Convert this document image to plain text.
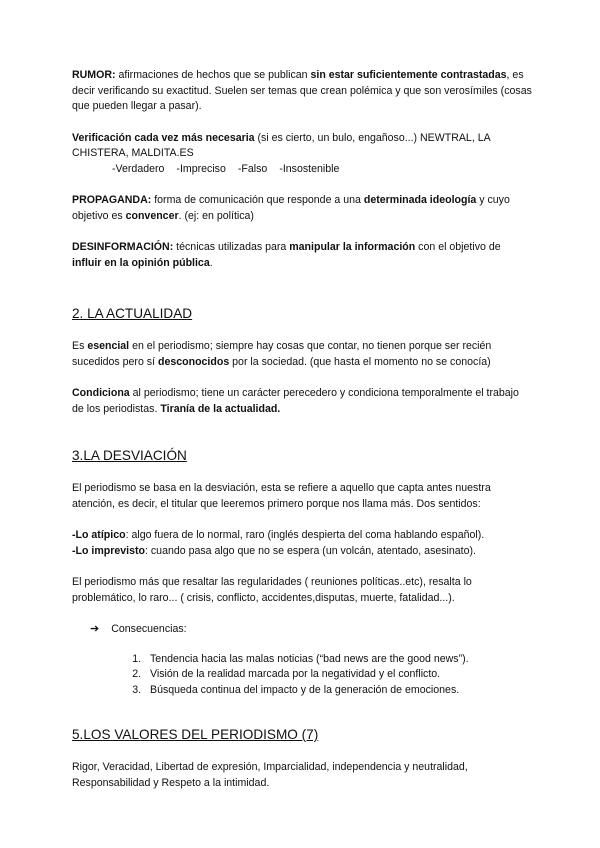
RUMOR: afirmaciones de hechos que se publican sin estar suficientemente contrastadas, es decir verificando su exactitud. Suelen ser temas que crean polémica y que son verosímiles (cosas que pueden llegar a pasar).

Verificación cada vez más necesaria (si es cierto, un bulo, engañoso...) NEWTRAL, LA CHISTERA, MALDITA.ES

-Verdadero -Impreciso -Falso -Insostenible

PROPAGANDA: forma de comunicación que responde a una determinada ideología y cuyo objetivo es convencer. (ej: en política)

DESINFORMACIÓN: técnicas utilizadas para manipular la información con el objetivo de influir en la opinión pública.

2. LA ACTUALIDAD

Es esencial en el periodismo; siempre hay cosas que contar, no tienen porque ser recién sucedidos pero sí desconocidos por la sociedad. (que hasta el momento no se conocía)

Condiciona al periodismo; tiene un carácter perecedero y condiciona temporalmente el trabajo de los periodistas. Tiranía de la actualidad.

3.LA DESVIACIÓN

El periodismo se basa en la desviación, esta se refiere a aquello que capta antes nuestra atención, es decir, el titular que leeremos primero porque nos llama más. Dos sentidos:

-Lo atípico: algo fuera de lo normal, raro (inglés despierta del coma hablando español).

-Lo imprevisto: cuando pasa algo que no se espera (un volcán, atentado, asesinato).

El periodismo más que resaltar las regularidades ( reuniones políticas..etc), resalta lo problemático, lo raro... ( crisis, conflicto, accidentes,disputas, muerte, fatalidad...).

➔ Consecuencias:

1. Tendencia hacia las malas noticias (“bad news are the good news”).
2. Visión de la realidad marcada por la negatividad y el conflicto.
3. Búsqueda continua del impacto y de la generación de emociones.
5.LOS VALORES DEL PERIODISMO (7)

Rigor, Veracidad, Libertad de expresión, Imparcialidad, independencia y neutralidad, Responsabilidad y Respeto a la intimidad.
